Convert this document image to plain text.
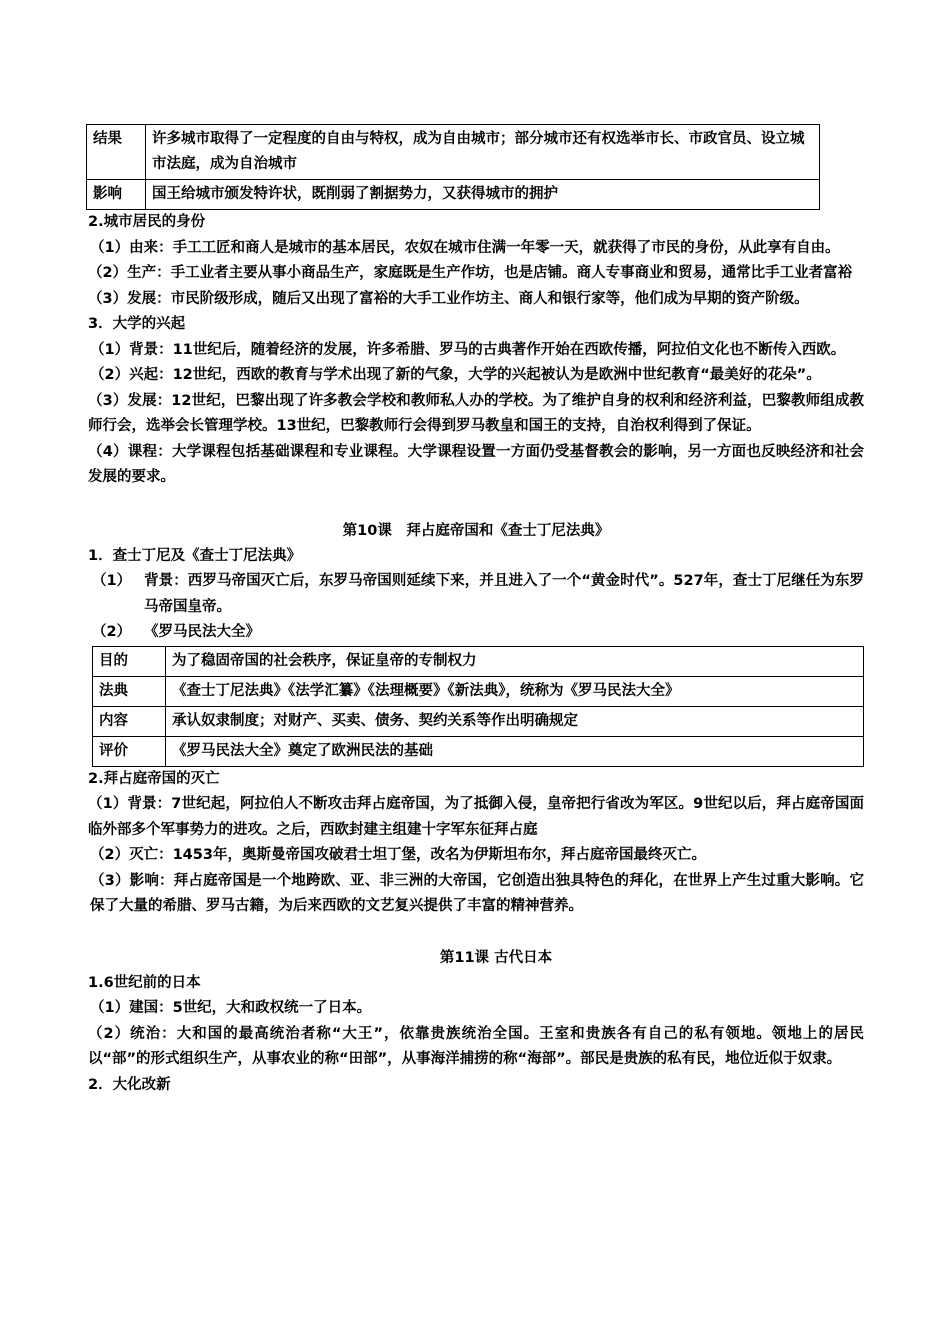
结果	许多城市取得了一定程度的自由与特权，成为自由城市；部分城市还有权选举市长、市政官员、设立城市法庭，成为自治城市
影响	国王给城市颁发特许状，既削弱了割据势力，又获得城市的拥护

2.城市居民的身份

（1）由来：手工工匠和商人是城市的基本居民，农奴在城市住满一年零一天，就获得了市民的身份，从此享有自由。

（2）生产：手工业者主要从事小商品生产，家庭既是生产作坊，也是店铺。商人专事商业和贸易，通常比手工业者富裕

（3）发展：市民阶级形成，随后又出现了富裕的大手工业作坊主、商人和银行家等，他们成为早期的资产阶级。

3．大学的兴起

（1）背景：11世纪后，随着经济的发展，许多希腊、罗马的古典著作开始在西欧传播，阿拉伯文化也不断传入西欧。

（2）兴起：12世纪，西欧的教育与学术出现了新的气象，大学的兴起被认为是欧洲中世纪教育“最美好的花朵”。

（3）发展：12世纪，巴黎出现了许多教会学校和教师私人办的学校。为了维护自身的权利和经济利益，巴黎教师组成教师行会，选举会长管理学校。13世纪，巴黎教师行会得到罗马教皇和国王的支持，自治权利得到了保证。

（4）课程：大学课程包括基础课程和专业课程。大学课程设置一方面仍受基督教会的影响，另一方面也反映经济和社会发展的要求。

第10课　拜占庭帝国和《查士丁尼法典》

1．查士丁尼及《查士丁尼法典》

（1） 背景：西罗马帝国灭亡后，东罗马帝国则延续下来，并且进入了一个“黄金时代”。527年，查士丁尼继任为东罗马帝国皇帝。

（2） 《罗马民法大全》

目的	为了稳固帝国的社会秩序，保证皇帝的专制权力
法典	《查士丁尼法典》《法学汇纂》《法理概要》《新法典》，统称为《罗马民法大全》
内容	承认奴隶制度；对财产、买卖、债务、契约关系等作出明确规定
评价	《罗马民法大全》奠定了欧洲民法的基础

2.拜占庭帝国的灭亡

（1）背景：7世纪起，阿拉伯人不断攻击拜占庭帝国，为了抵御入侵，皇帝把行省改为军区。9世纪以后，拜占庭帝国面临外部多个军事势力的进攻。之后，西欧封建主组建十字军东征拜占庭

（2）灭亡：1453年，奥斯曼帝国攻破君士坦丁堡，改名为伊斯坦布尔，拜占庭帝国最终灭亡。

（3）影响：拜占庭帝国是一个地跨欧、亚、非三洲的大帝国，它创造出独具特色的拜化，在世界上产生过重大影响。它保了大量的希腊、罗马古籍，为后来西欧的文艺复兴提供了丰富的精神营养。

第11课 古代日本

1.6世纪前的日本

（1）建国：5世纪，大和政权统一了日本。

（2）统治：大和国的最高统治者称“大王”，依靠贵族统治全国。王室和贵族各有自己的私有领地。领地上的居民以“部”的形式组织生产，从事农业的称“田部”，从事海洋捕捞的称“海部”。部民是贵族的私有民，地位近似于奴隶。

2．大化改新
